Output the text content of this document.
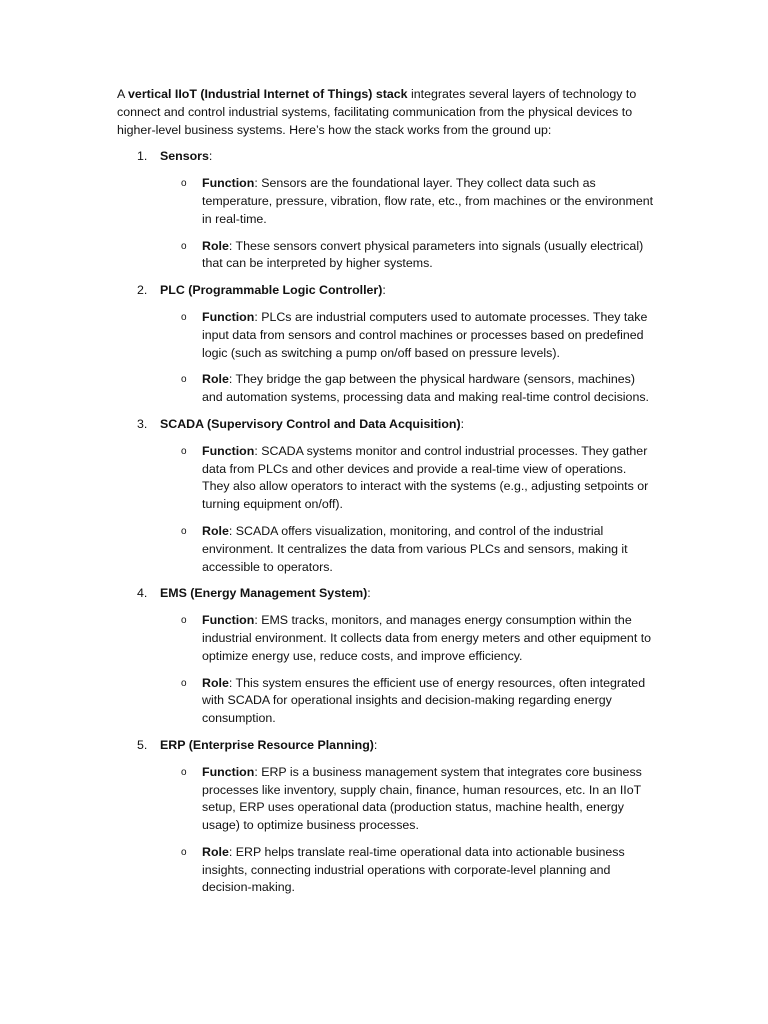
A vertical IIoT (Industrial Internet of Things) stack integrates several layers of technology to connect and control industrial systems, facilitating communication from the physical devices to higher-level business systems. Here’s how the stack works from the ground up:

1. Sensors:
o Function: Sensors are the foundational layer. They collect data such as temperature, pressure, vibration, flow rate, etc., from machines or the environment in real-time.
o Role: These sensors convert physical parameters into signals (usually electrical) that can be interpreted by higher systems.
2. PLC (Programmable Logic Controller):
o Function: PLCs are industrial computers used to automate processes. They take input data from sensors and control machines or processes based on predefined logic (such as switching a pump on/off based on pressure levels).
o Role: They bridge the gap between the physical hardware (sensors, machines) and automation systems, processing data and making real-time control decisions.
3. SCADA (Supervisory Control and Data Acquisition):
o Function: SCADA systems monitor and control industrial processes. They gather data from PLCs and other devices and provide a real-time view of operations. They also allow operators to interact with the systems (e.g., adjusting setpoints or turning equipment on/off).
o Role: SCADA offers visualization, monitoring, and control of the industrial environment. It centralizes the data from various PLCs and sensors, making it accessible to operators.
4. EMS (Energy Management System):
o Function: EMS tracks, monitors, and manages energy consumption within the industrial environment. It collects data from energy meters and other equipment to optimize energy use, reduce costs, and improve efficiency.
o Role: This system ensures the efficient use of energy resources, often integrated with SCADA for operational insights and decision-making regarding energy consumption.
5. ERP (Enterprise Resource Planning):
o Function: ERP is a business management system that integrates core business processes like inventory, supply chain, finance, human resources, etc. In an IIoT setup, ERP uses operational data (production status, machine health, energy usage) to optimize business processes.
o Role: ERP helps translate real-time operational data into actionable business insights, connecting industrial operations with corporate-level planning and decision-making.
